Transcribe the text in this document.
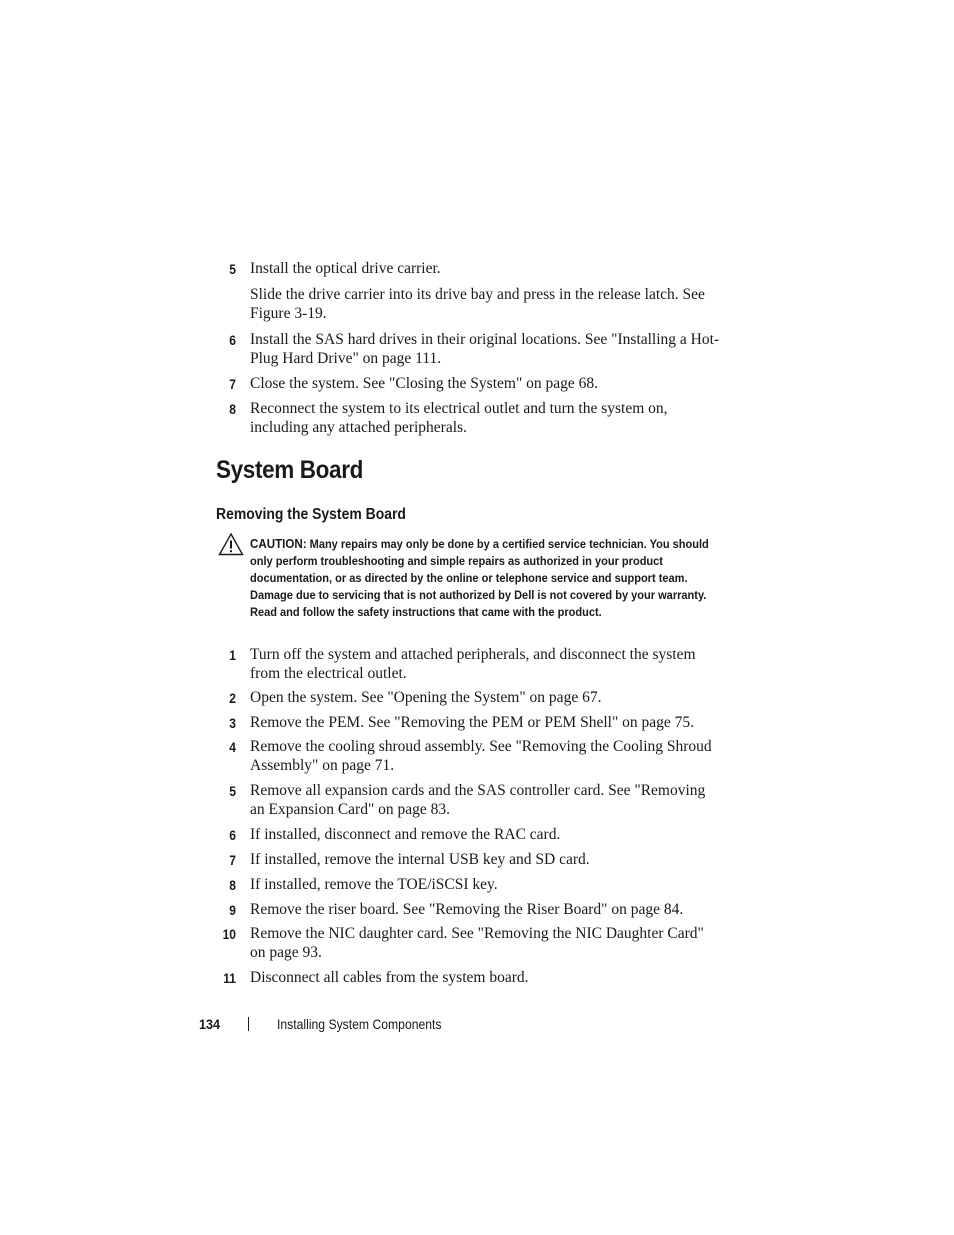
5 Install the optical drive carrier.
Slide the drive carrier into its drive bay and press in the release latch. See Figure 3-19.
6 Install the SAS hard drives in their original locations. See "Installing a Hot-Plug Hard Drive" on page 111.
7 Close the system. See "Closing the System" on page 68.
8 Reconnect the system to its electrical outlet and turn the system on, including any attached peripherals.
System Board
Removing the System Board
CAUTION: Many repairs may only be done by a certified service technician. You should only perform troubleshooting and simple repairs as authorized in your product documentation, or as directed by the online or telephone service and support team. Damage due to servicing that is not authorized by Dell is not covered by your warranty. Read and follow the safety instructions that came with the product.
1 Turn off the system and attached peripherals, and disconnect the system from the electrical outlet.
2 Open the system. See "Opening the System" on page 67.
3 Remove the PEM. See "Removing the PEM or PEM Shell" on page 75.
4 Remove the cooling shroud assembly. See "Removing the Cooling Shroud Assembly" on page 71.
5 Remove all expansion cards and the SAS controller card. See "Removing an Expansion Card" on page 83.
6 If installed, disconnect and remove the RAC card.
7 If installed, remove the internal USB key and SD card.
8 If installed, remove the TOE/iSCSI key.
9 Remove the riser board. See "Removing the Riser Board" on page 84.
10 Remove the NIC daughter card. See "Removing the NIC Daughter Card" on page 93.
11 Disconnect all cables from the system board.
134	Installing System Components
